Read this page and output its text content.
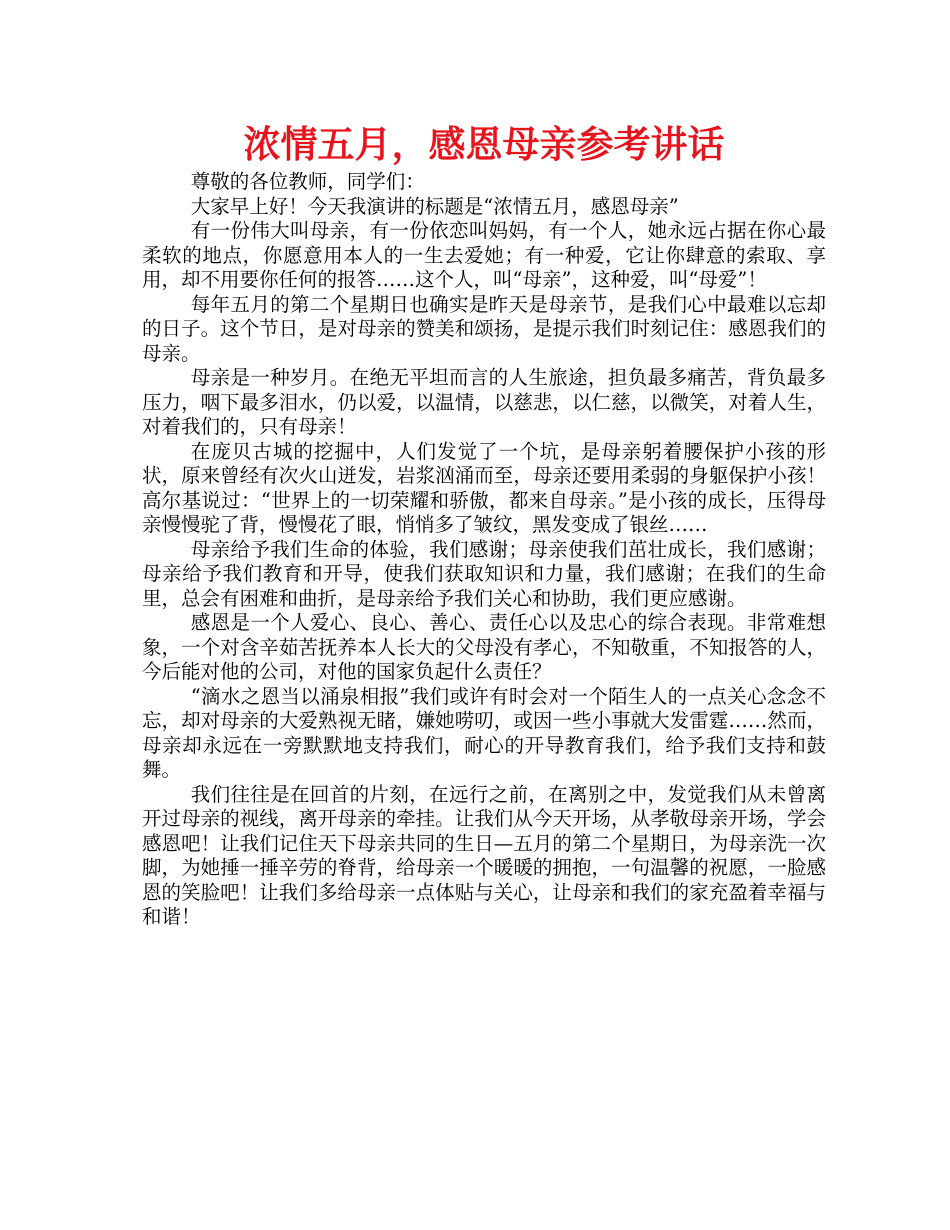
浓情五月，感恩母亲参考讲话

尊敬的各位教师，同学们：

大家早上好！今天我演讲的标题是“浓情五月，感恩母亲”

有一份伟大叫母亲，有一份依恋叫妈妈，有一个人，她永远占据在你心最柔软的地点，你愿意用本人的一生去爱她；有一种爱，它让你肆意的索取、享用，却不用要你任何的报答……这个人，叫“母亲”，这种爱，叫“母爱”！

每年五月的第二个星期日也确实是昨天是母亲节，是我们心中最难以忘却的日子。这个节日，是对母亲的赞美和颂扬，是提示我们时刻记住：感恩我们的母亲。

母亲是一种岁月。在绝无平坦而言的人生旅途，担负最多痛苦，背负最多压力，咽下最多泪水，仍以爱，以温情，以慈悲，以仁慈，以微笑，对着人生，对着我们的，只有母亲！

在庞贝古城的挖掘中，人们发觉了一个坑，是母亲躬着腰保护小孩的形状，原来曾经有次火山迸发，岩浆汹涌而至，母亲还要用柔弱的身躯保护小孩！高尔基说过：“世界上的一切荣耀和骄傲，都来自母亲。”是小孩的成长，压得母亲慢慢驼了背，慢慢花了眼，悄悄多了皱纹，黑发变成了银丝……

母亲给予我们生命的体验，我们感谢；母亲使我们茁壮成长，我们感谢；母亲给予我们教育和开导，使我们获取知识和力量，我们感谢；在我们的生命里，总会有困难和曲折，是母亲给予我们关心和协助，我们更应感谢。

感恩是一个人爱心、良心、善心、责任心以及忠心的综合表现。非常难想象，一个对含辛茹苦抚养本人长大的父母没有孝心，不知敬重，不知报答的人，今后能对他的公司，对他的国家负起什么责任？

“滴水之恩当以涌泉相报”我们或许有时会对一个陌生人的一点关心念念不忘，却对母亲的大爱熟视无睹，嫌她唠叨，或因一些小事就大发雷霆……然而，母亲却永远在一旁默默地支持我们，耐心的开导教育我们，给予我们支持和鼓舞。

我们往往是在回首的片刻，在远行之前，在离别之中，发觉我们从未曾离开过母亲的视线，离开母亲的牵挂。让我们从今天开场，从孝敬母亲开场，学会感恩吧！让我们记住天下母亲共同的生日—五月的第二个星期日，为母亲洗一次脚，为她捶一捶辛劳的脊背，给母亲一个暖暖的拥抱，一句温馨的祝愿，一脸感恩的笑脸吧！让我们多给母亲一点体贴与关心，让母亲和我们的家充盈着幸福与和谐！
